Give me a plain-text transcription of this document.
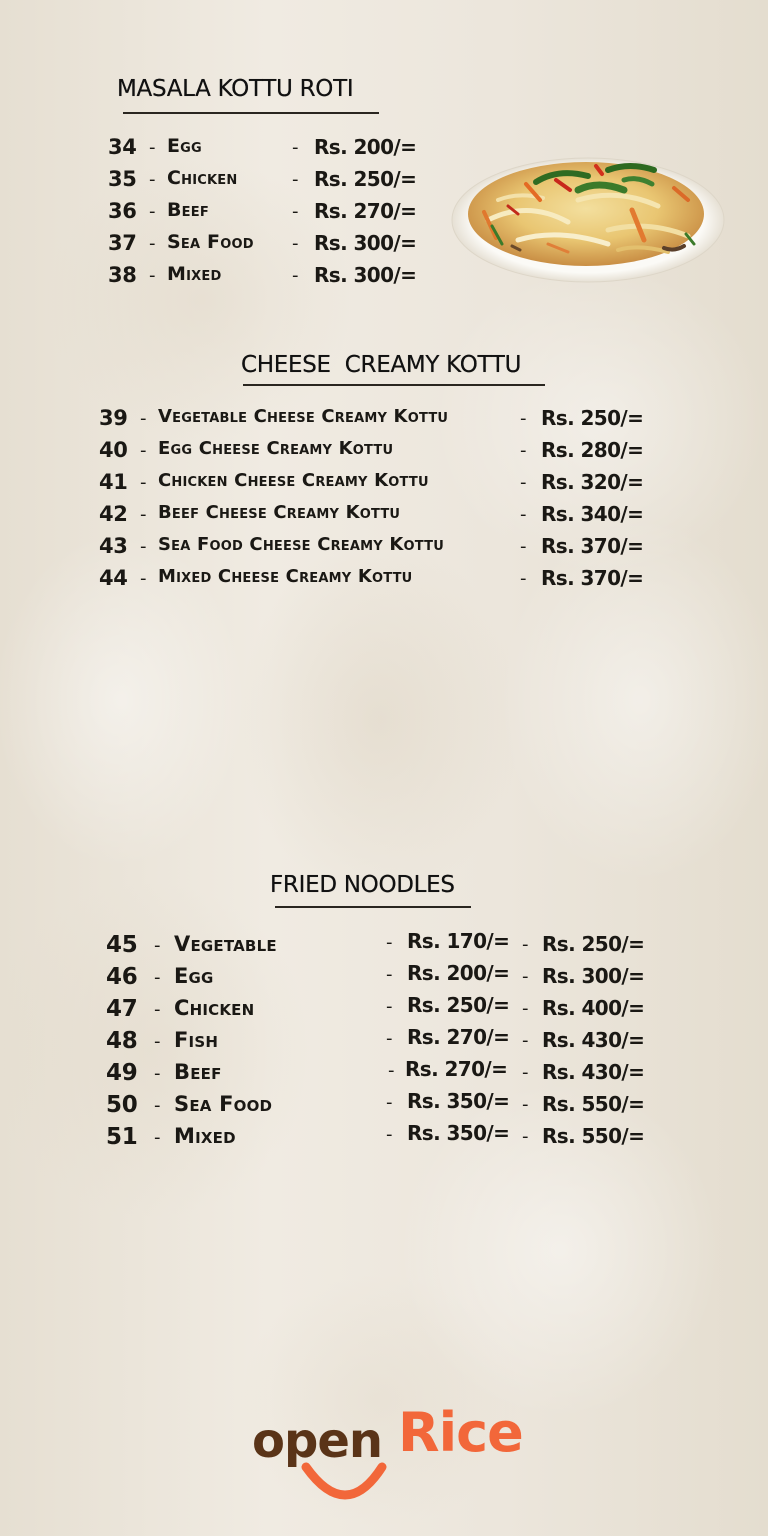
MASALA KOTTU ROTI
34 - Egg	- Rs. 200/=
35 - Chicken	- Rs. 250/=
36 - Beef	- Rs. 270/=
37 - Sea Food - Rs. 300/=
38 - Mixed	- Rs. 300/=
CHEESE  CREAMY KOTTU
39 - Vegetable Cheese Creamy Kottu	- Rs. 250/=
40 - Egg Cheese Creamy Kottu	- Rs. 280/=
41 - Chicken Cheese Creamy Kottu	- Rs. 320/=
42 - Beef Cheese Creamy Kottu	- Rs. 340/=
43 - Sea Food Cheese Creamy Kottu	- Rs. 370/=
44 - Mixed Cheese Creamy Kottu	- Rs. 370/=
FRIED NOODLES
45 - Vegetable	- Rs. 170/= - Rs. 250/=
46 - Egg	- Rs. 200/= - Rs. 300/=
47 - Chicken	- Rs. 250/= - Rs. 400/=
48 - Fish	- Rs. 270/= - Rs. 430/=
49 - Beef	- Rs. 270/= - Rs. 430/=
50 - Sea Food	- Rs. 350/= - Rs. 550/=
51 - Mixed	- Rs. 350/= - Rs. 550/=
open Rice
